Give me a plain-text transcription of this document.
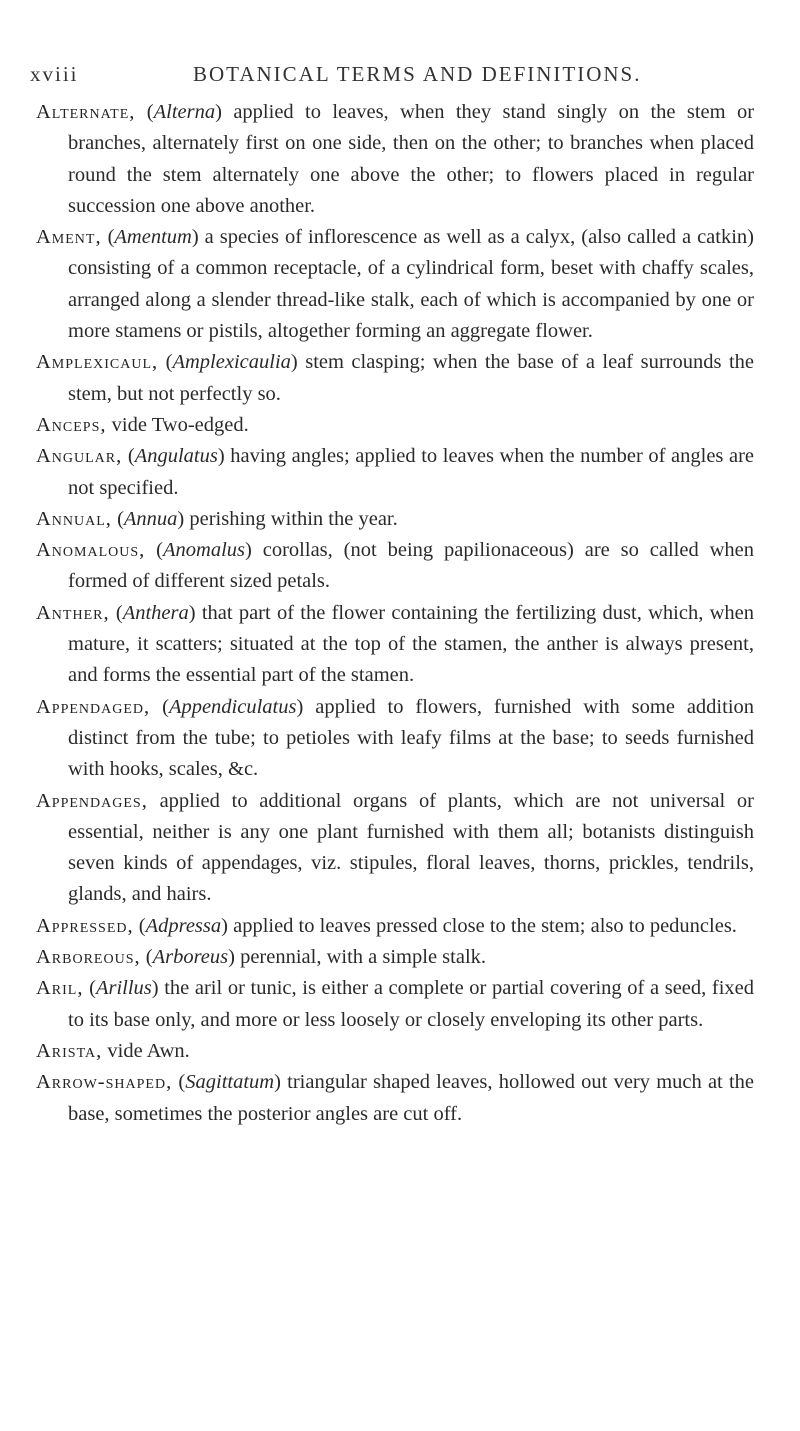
xviii	BOTANICAL TERMS AND DEFINITIONS.

Alternate, (Alterna) applied to leaves, when they stand singly on the stem or branches, alternately first on one side, then on the other; to branches when placed round the stem alternately one above the other; to flowers placed in regular succession one above another.

Ament, (Amentum) a species of inflorescence as well as a calyx, (also called a catkin) consisting of a common receptacle, of a cylindrical form, beset with chaffy scales, arranged along a slender thread-like stalk, each of which is accompanied by one or more stamens or pistils, altogether forming an aggregate flower.

Amplexicaul, (Amplexicaulia) stem clasping; when the base of a leaf surrounds the stem, but not perfectly so.

Anceps, vide Two-edged.

Angular, (Angulatus) having angles; applied to leaves when the number of angles are not specified.

Annual, (Annua) perishing within the year.

Anomalous, (Anomalus) corollas, (not being papilionaceous) are so called when formed of different sized petals.

Anther, (Anthera) that part of the flower containing the fertilizing dust, which, when mature, it scatters; situated at the top of the stamen, the anther is always present, and forms the essential part of the stamen.

Appendaged, (Appendiculatus) applied to flowers, furnished with some addition distinct from the tube; to petioles with leafy films at the base; to seeds furnished with hooks, scales, &c.

Appendages, applied to additional organs of plants, which are not universal or essential, neither is any one plant furnished with them all; botanists distinguish seven kinds of appendages, viz. stipules, floral leaves, thorns, prickles, tendrils, glands, and hairs.

Appressed, (Adpressa) applied to leaves pressed close to the stem; also to peduncles.

Arboreous, (Arboreus) perennial, with a simple stalk.

Aril, (Arillus) the aril or tunic, is either a complete or partial covering of a seed, fixed to its base only, and more or less loosely or closely enveloping its other parts.

Arista, vide Awn.

Arrow-shaped, (Sagittatum) triangular shaped leaves, hollowed out very much at the base, sometimes the posterior angles are cut off.
